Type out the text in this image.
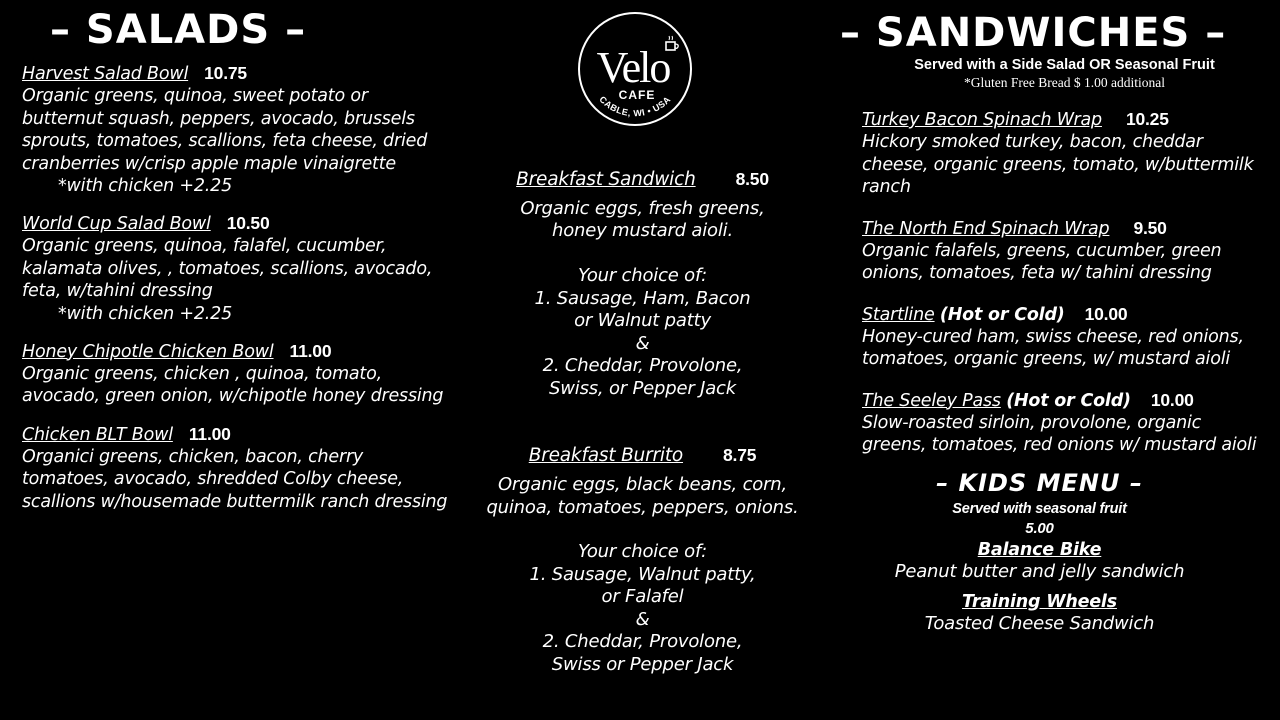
– SALADS –	– SANDWICHES –
Harvest Salad Bowl 10.75
Organic greens, quinoa, sweet potato or butternut squash, peppers, avocado, brussels sprouts, tomatoes, scallions, feta cheese, dried cranberries w/crisp apple maple vinaigrette
*with chicken +2.25
World Cup Salad Bowl 10.50
Organic greens, quinoa, falafel, cucumber, kalamata olives, , tomatoes, scallions, avocado, feta, w/tahini dressing
*with chicken +2.25
Honey Chipotle Chicken Bowl 11.00
Organic greens, chicken , quinoa, tomato, avocado, green onion, w/chipotle honey dressing
Chicken BLT Bowl 11.00
Organici greens, chicken, bacon, cherry tomatoes, avocado, shredded Colby cheese, scallions w/housemade buttermilk ranch dressing
Velo
CAFE
CABLE, WI • USA
Breakfast Sandwich 8.50
Organic eggs, fresh greens,
honey mustard aioli.
Your choice of:
1. Sausage, Ham, Bacon
or Walnut patty
&
2. Cheddar, Provolone,
Swiss, or Pepper Jack
Breakfast Burrito 8.75
Organic eggs, black beans, corn,
quinoa, tomatoes, peppers, onions.
Your choice of:
1. Sausage, Walnut patty,
or Falafel
&
2. Cheddar, Provolone,
Swiss or Pepper Jack
Served with a Side Salad OR Seasonal Fruit
*Gluten Free Bread $ 1.00 additional
Turkey Bacon Spinach Wrap 10.25
Hickory smoked turkey, bacon, cheddar cheese, organic greens, tomato, w/buttermilk ranch
The North End Spinach Wrap 9.50
Organic falafels, greens, cucumber, green onions, tomatoes, feta w/ tahini dressing
Startline (Hot or Cold) 10.00
Honey-cured ham, swiss cheese, red onions, tomatoes, organic greens, w/ mustard aioli
The Seeley Pass (Hot or Cold) 10.00
Slow-roasted sirloin, provolone, organic greens, tomatoes, red onions w/ mustard aioli
– KIDS MENU –
Served with seasonal fruit
5.00
Balance Bike
Peanut butter and jelly sandwich
Training Wheels
Toasted Cheese Sandwich
